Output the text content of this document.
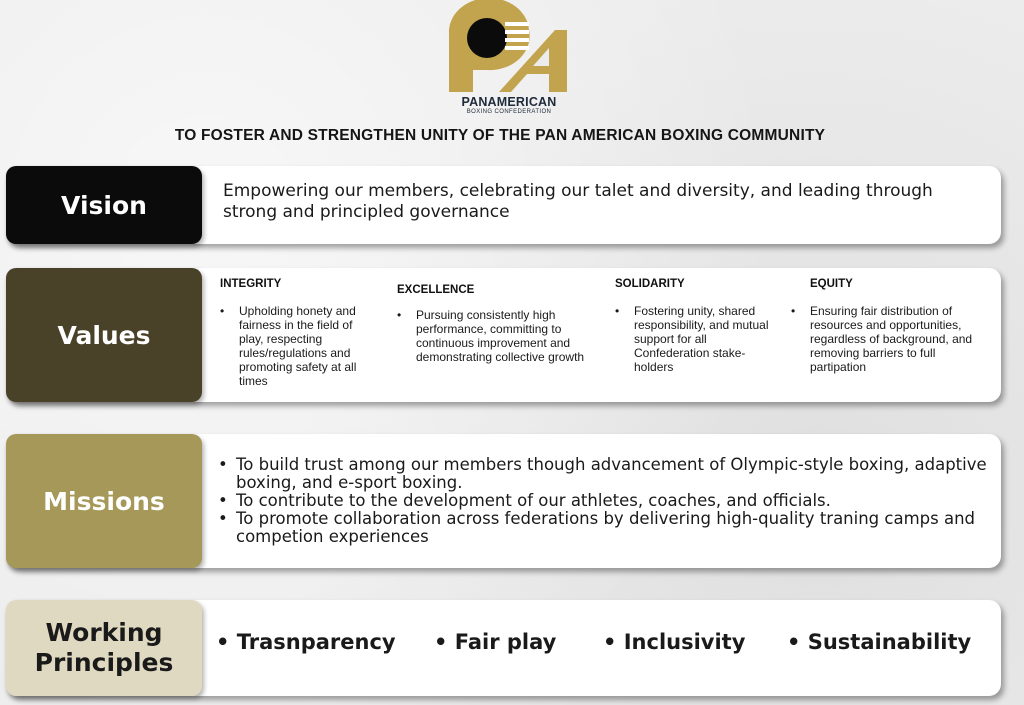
PANAMERICAN
BOXING CONFEDERATION
TO FOSTER AND STRENGTHEN UNITY OF THE PAN AMERICAN BOXING COMMUNITY
Vision	Empowering our members, celebrating our talet and diversity, and leading through strong and principled governance
Values
INTEGRITY
• Upholding honety and fairness in the field of play, respecting rules/regulations and promoting safety at all times
EXCELLENCE
• Pursuing consistently high performance, committing to continuous improvement and demonstrating collective growth
SOLIDARITY
• Fostering unity, shared responsibility, and mutual support for all Confederation stake-holders
EQUITY
• Ensuring fair distribution of resources and opportunities, regardless of background, and removing barriers to full partipation
Missions
• To build trust among our members though advancement of Olympic-style boxing, adaptive boxing, and e-sport boxing.
• To contribute to the development of our athletes, coaches, and officials.
• To promote collaboration across federations by delivering high-quality traning camps and competion experiences
Working
Principles
• Trasnparency • Fair play • Inclusivity • Sustainability
